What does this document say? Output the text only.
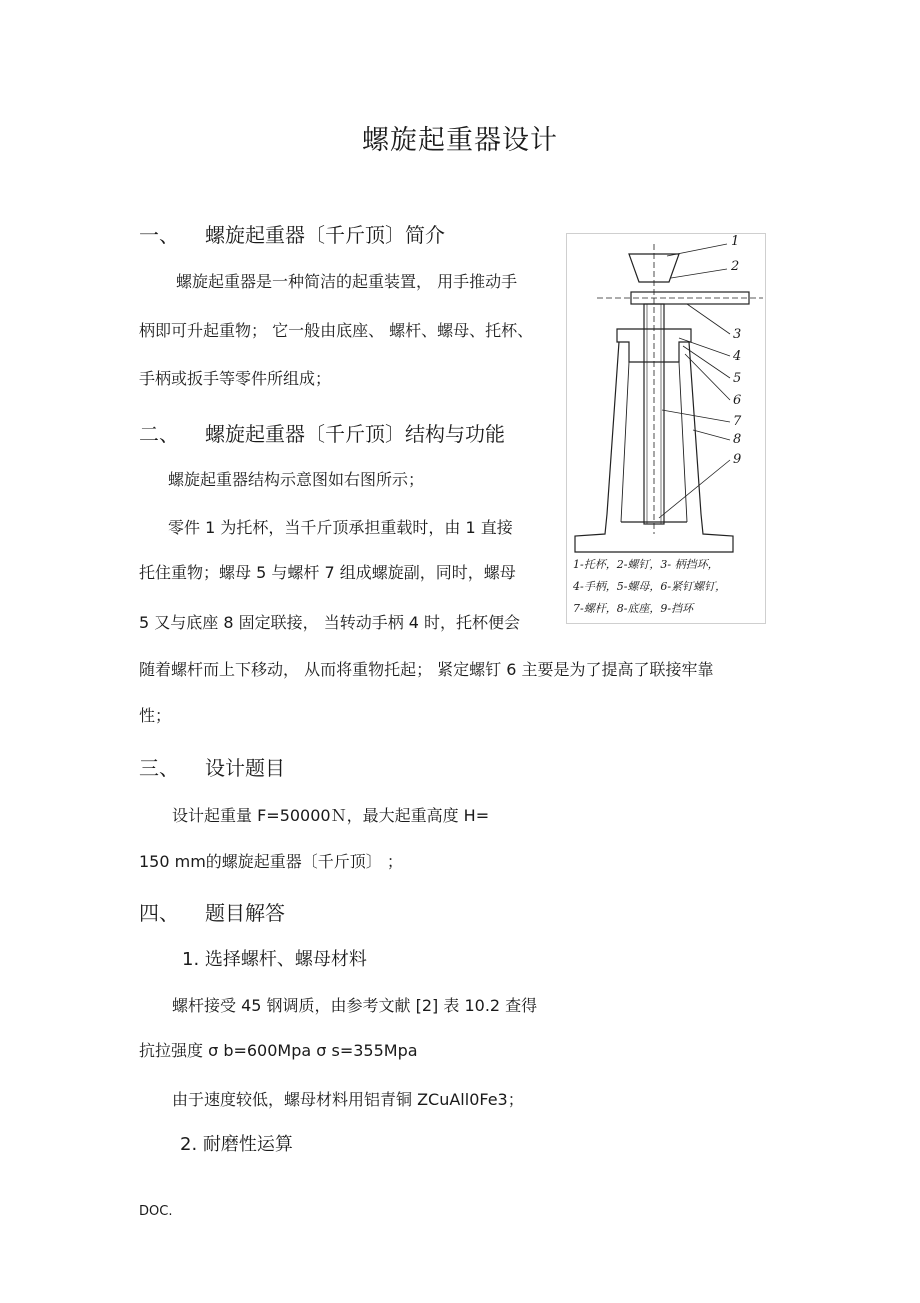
螺旋起重器设计
一、 螺旋起重器〔千斤顶〕简介
螺旋起重器是一种简洁的起重装置， 用手推动手
柄即可升起重物； 它一般由底座、 螺杆、螺母、托杯、
手柄或扳手等零件所组成；
二、 螺旋起重器〔千斤顶〕结构与功能
螺旋起重器结构示意图如右图所示；
零件 1 为托杯，当千斤顶承担重载时，由 1 直接
托住重物；螺母 5 与螺杆 7 组成螺旋副，同时，螺母
5 又与底座 8 固定联接， 当转动手柄 4 时，托杯便会
随着螺杆而上下移动， 从而将重物托起； 紧定螺钉 6 主要是为了提高了联接牢靠
性；
三、 设计题目
设计起重量 F=50000Ｎ，最大起重高度 H=
150 mm的螺旋起重器〔千斤顶〕 ；
四、 题目解答
1. 选择螺杆、螺母材料
螺杆接受 45 钢调质，由参考文献 [2] 表 10.2 查得
抗拉强度 σ b=600Mpa σ s=355Mpa
由于速度较低，螺母材料用铝青铜 ZCuAll0Fe3；
2. 耐磨性运算
DOC.
1
2
3
4
5
6
7
8
9
1-托杯，2-螺钉，3- 柄挡环，
4-手柄，5-螺母，6-紧钉螺钉，
7-螺杆，8-底座，9-挡环
